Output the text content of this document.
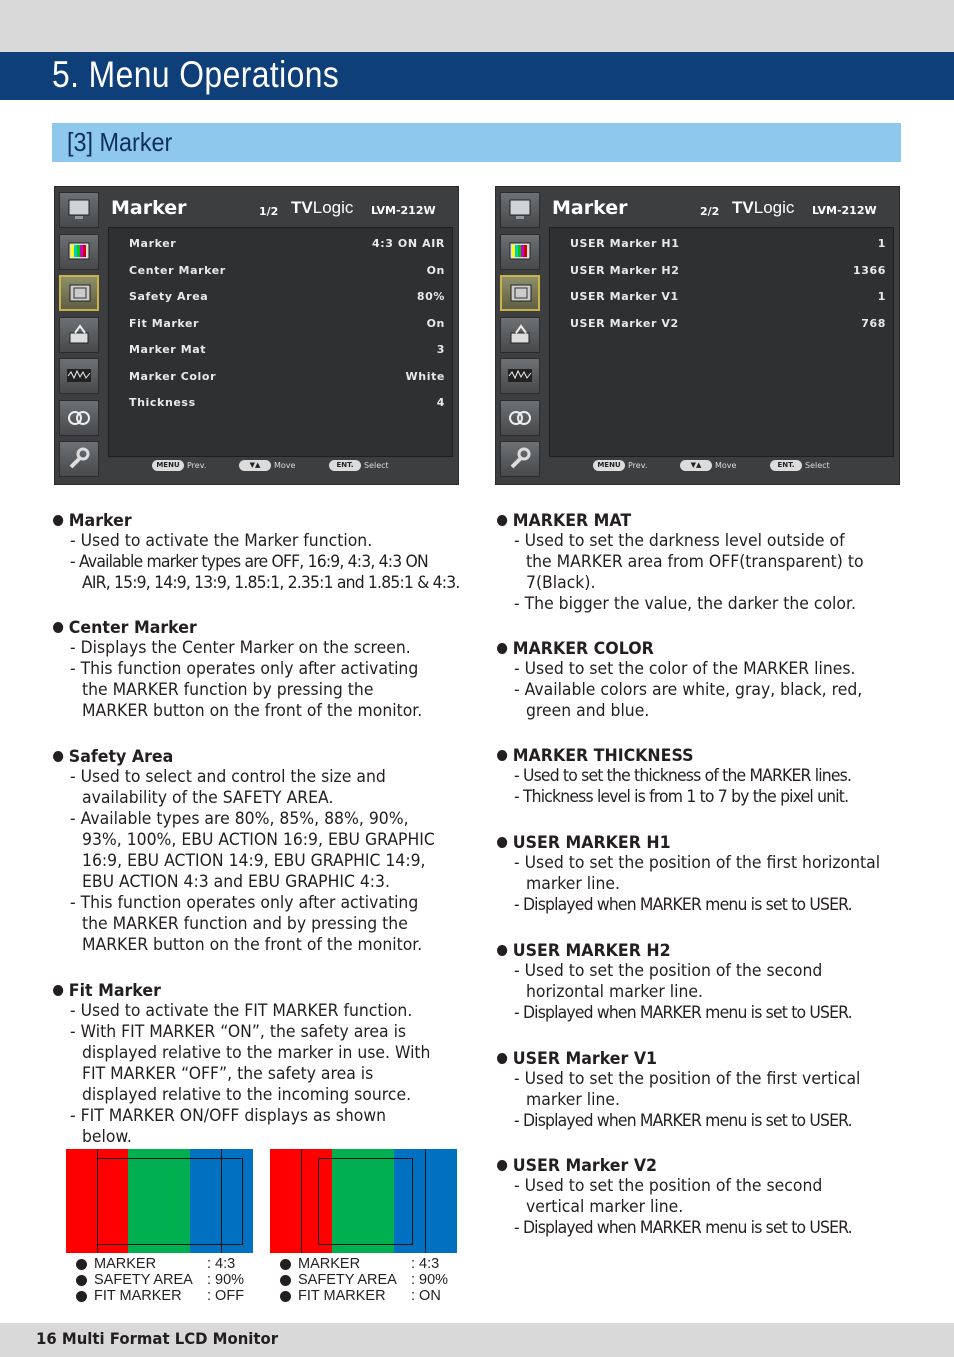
5. Menu Operations
[3] Marker
Marker	1/2 TVLogic LVM-212W
Marker	4:3 ON AIR
Center Marker	On
Safety Area	80%
Fit Marker	On
Marker Mat	3
Marker Color	White
Thickness	4
MENU Prev.	▼▲	Move	ENT.	Select
Marker	2/2 TVLogic LVM-212W
USER Marker H1	1
USER Marker H2	1366
USER Marker V1	1
USER Marker V2	768
MENU Prev.	▼▲	Move	ENT.	Select
Marker
- Used to activate the Marker function.
- Available marker types are OFF, 16:9, 4:3, 4:3 ON
AIR, 15:9, 14:9, 13:9, 1.85:1, 2.35:1 and 1.85:1 & 4:3.
Center Marker
- Displays the Center Marker on the screen.
- This function operates only after activating
the MARKER function by pressing the
MARKER button on the front of the monitor.
Safety Area
- Used to select and control the size and
availability of the SAFETY AREA.
- Available types are 80%, 85%, 88%, 90%,
93%, 100%, EBU ACTION 16:9, EBU GRAPHIC
16:9, EBU ACTION 14:9, EBU GRAPHIC 14:9,
EBU ACTION 4:3 and EBU GRAPHIC 4:3.
- This function operates only after activating
the MARKER function and by pressing the
MARKER button on the front of the monitor.
Fit Marker
- Used to activate the FIT MARKER function.
- With FIT MARKER “ON”, the safety area is
displayed relative to the marker in use. With
FIT MARKER “OFF”, the safety area is
displayed relative to the incoming source.
- FIT MARKER ON/OFF displays as shown
below.
MARKER MAT
- Used to set the darkness level outside of
the MARKER area from OFF(transparent) to
7(Black).
- The bigger the value, the darker the color.
MARKER COLOR
- Used to set the color of the MARKER lines.
- Available colors are white, gray, black, red,
green and blue.
MARKER THICKNESS
- Used to set the thickness of the MARKER lines.
- Thickness level is from 1 to 7 by the pixel unit.
USER MARKER H1
- Used to set the position of the first horizontal
marker line.
- Displayed when MARKER menu is set to USER.
USER MARKER H2
- Used to set the position of the second
horizontal marker line.
- Displayed when MARKER menu is set to USER.
USER Marker V1
- Used to set the position of the first vertical
marker line.
- Displayed when MARKER menu is set to USER.
USER Marker V2
- Used to set the position of the second
vertical marker line.
- Displayed when MARKER menu is set to USER.
MARKER	: 4:3
SAFETY AREA : 90%
FIT MARKER : OFF
MARKER	: 4:3
SAFETY AREA : 90%
FIT MARKER : ON
16 Multi Format LCD Monitor
